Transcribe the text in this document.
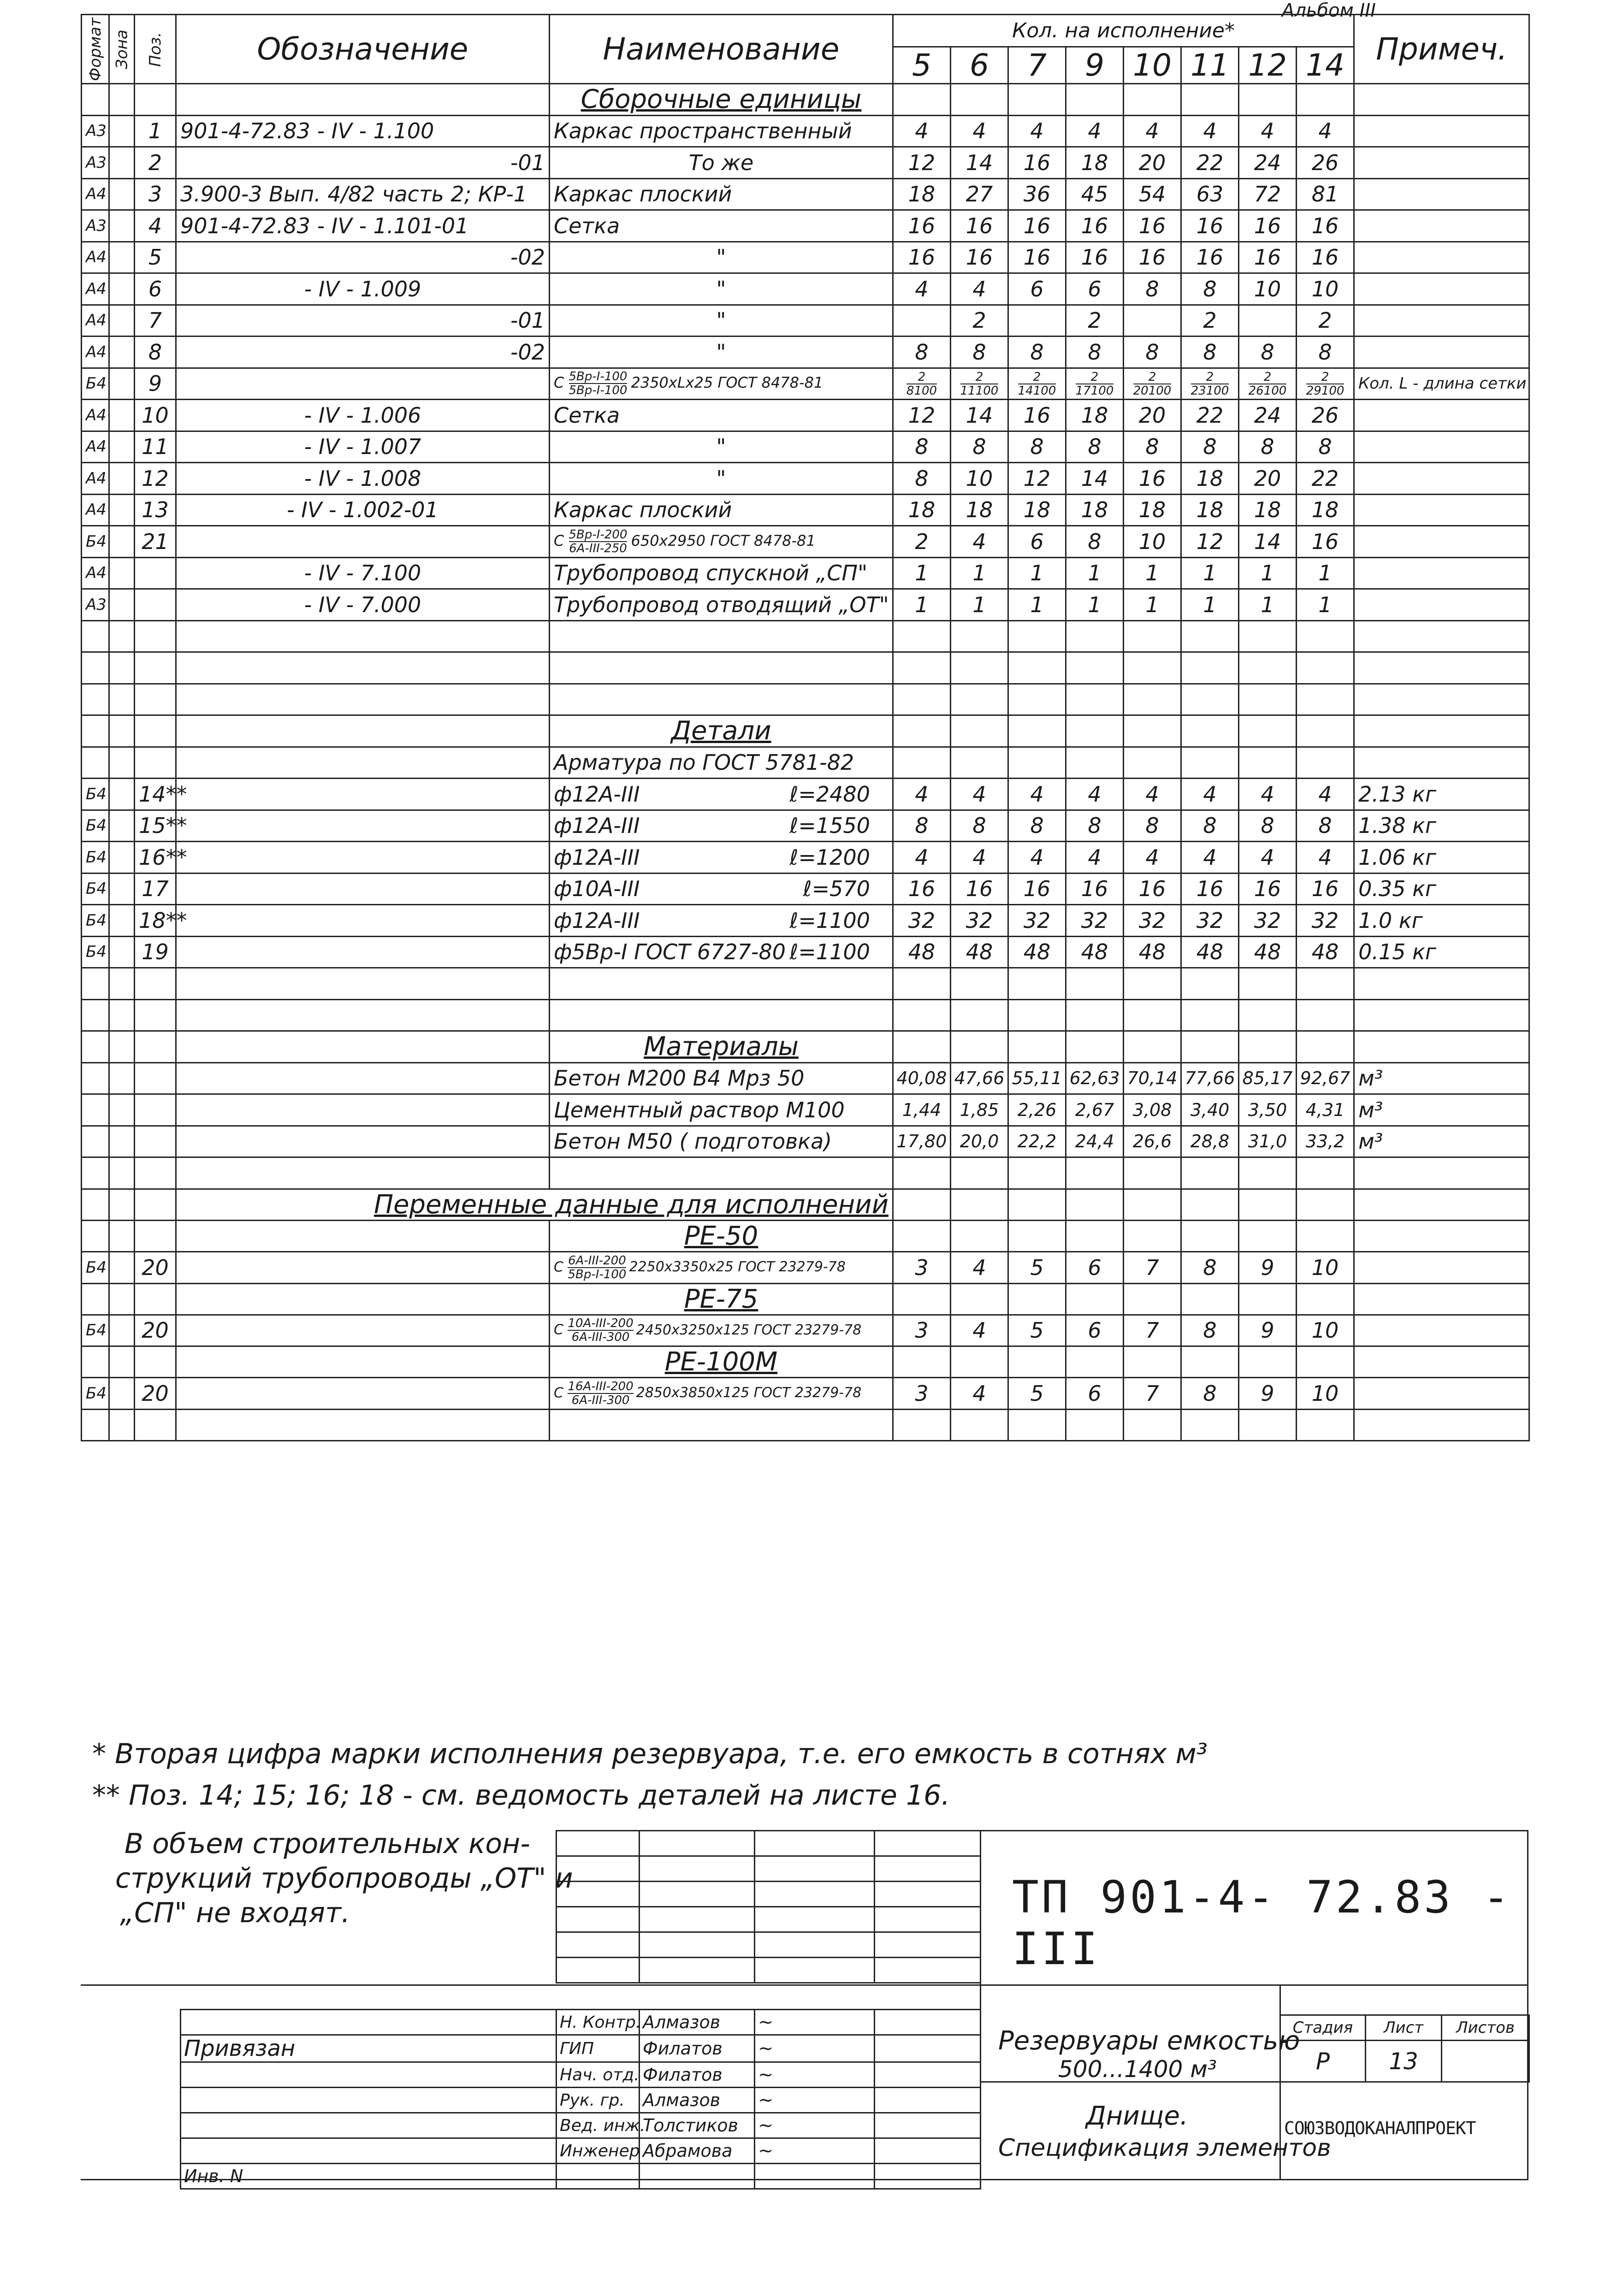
Альбом III
Формат	Зона	Поз.	Обозначение	Наименование	Кол. на исполнение*								Примеч.
					5	6	7	9	10	11	12	14	
				Сборочные единицы									
А3		1	901-4-72.83 - IV - 1.100	Каркас пространственный	4	4	4	4	4	4	4	4	
А3		2	-01	То же	12	14	16	18	20	22	24	26	
А4		3	3.900-3 Вып. 4/82 часть 2; КР-1	Каркас плоский	18	27	36	45	54	63	72	81	
А3		4	901-4-72.83 - IV - 1.101-01	Сетка	16	16	16	16	16	16	16	16	
А4		5	-02	"	16	16	16	16	16	16	16	16	
А4		6	- IV - 1.009	"	4	4	6	6	8	8	10	10	
А4		7	-01	"		2		2		2		2	
А4		8	-02	"	8	8	8	8	8	8	8	8	
Б4		9		С $\frac{5Вр-I-100}{5Вр-I-100} 2350xLx25$ ГОСТ 8478-81	$\frac{2}{8100}$	$\frac{2}{11100}$	$\frac{2}{14100}$	$\frac{2}{17100}$	$\frac{2}{20100}$	$\frac{2}{23100}$	$\frac{2}{26100}$	$\frac{2}{29100}$	Кол. L - длина сетки
А4		10	- IV - 1.006	Сетка	12	14	16	18	20	22	24	26	
А4		11	- IV - 1.007	"	8	8	8	8	8	8	8	8	
А4		12	- IV - 1.008	"	8	10	12	14	16	18	20	22	
А4		13	- IV - 1.002-01	Каркас плоский	18	18	18	18	18	18	18	18	
Б4		21		С $\frac{5Вр-I-200}{\text{6А-III-250}} 650x2950$ ГОСТ 8478-81	2	4	6	8	10	12	14	16	
А4			- IV - 7.100	Трубопровод спускной „СП"	1	1	1	1	1	1	1	1	
А3			- IV - 7.000	Трубопровод отводящий „ОТ"	1	1	1	1	1	1	1	1	

				Детали									
				Арматура по ГОСТ 5781-82									
Б4		14**		ф12А-III ℓ=2480	4	4	4	4	4	4	4	4	2.13 кг
Б4		15**		ф12А-III ℓ=1550	8	8	8	8	8	8	8	8	1.38 кг
Б4		16**		ф12А-III ℓ=1200	4	4	4	4	4	4	4	4	1.06 кг
Б4		17		ф10А-III ℓ=570	16	16	16	16	16	16	16	16	0.35 кг
Б4		18**		ф12А-III ℓ=1100	32	32	32	32	32	32	32	32	1.0 кг
Б4		19		ф5Вр-I ГОСТ 6727-80 ℓ=1100	48	48	48	48	48	48	48	48	0.15 кг

				Материалы									
				Бетон М200 В4 Мрз 50	40,08	47,66	55,11	62,63	70,14	77,66	85,17	92,67	м³
				Цементный раствор М100	1,44	1,85	2,26	2,67	3,08	3,40	3,50	4,31	м³
				Бетон М50 ( подготовка)	17,80	20,0	22,2	24,4	26,6	28,8	31,0	33,2	м³

			Переменные данные для исполнений										
				РЕ-50									
Б4		20		С $\frac{\text{6А-III-200}}{5Вр-I-100} 2250x3350x25$ ГОСТ 23279-78	3	4	5	6	7	8	9	10	
				РЕ-75									
Б4		20		С $\frac{\text{10А-III-200}}{\text{6А-III-300}} 2450x3250x125$ ГОСТ 23279-78	3	4	5	6	7	8	9	10	
				РЕ-100М									
Б4		20		С $\frac{\text{16А-III-200}}{\text{6А-III-300}} 2850x3850x125$ ГОСТ 23279-78	3	4	5	6	7	8	9	10	

* Вторая цифра марки исполнения резервуара, т.е. его емкость в сотнях м³
** Поз. 14; 15; 16; 18 - см. ведомость деталей на листе 16.
В объем строительных кон-
струкций трубопроводы „ОТ" и
„СП" не входят.

	Н. Контр.	Алмазов	~	
Привязан	ГИП	Филатов	~	
	Нач. отд.	Филатов	~	
	Рук. гр.	Алмазов	~	
	Вед. инж.	Толстиков	~	
	Инженер	Абрамова	~	
Инв. N				
ТП 901-4- 72.83 - III
Резервуары емкостью
500...1400 м³
Днище.
Спецификация элементов
Стадия	Лист	Листов
Р	13	
СОЮЗВОДОКАНАЛПРОЕКТ
